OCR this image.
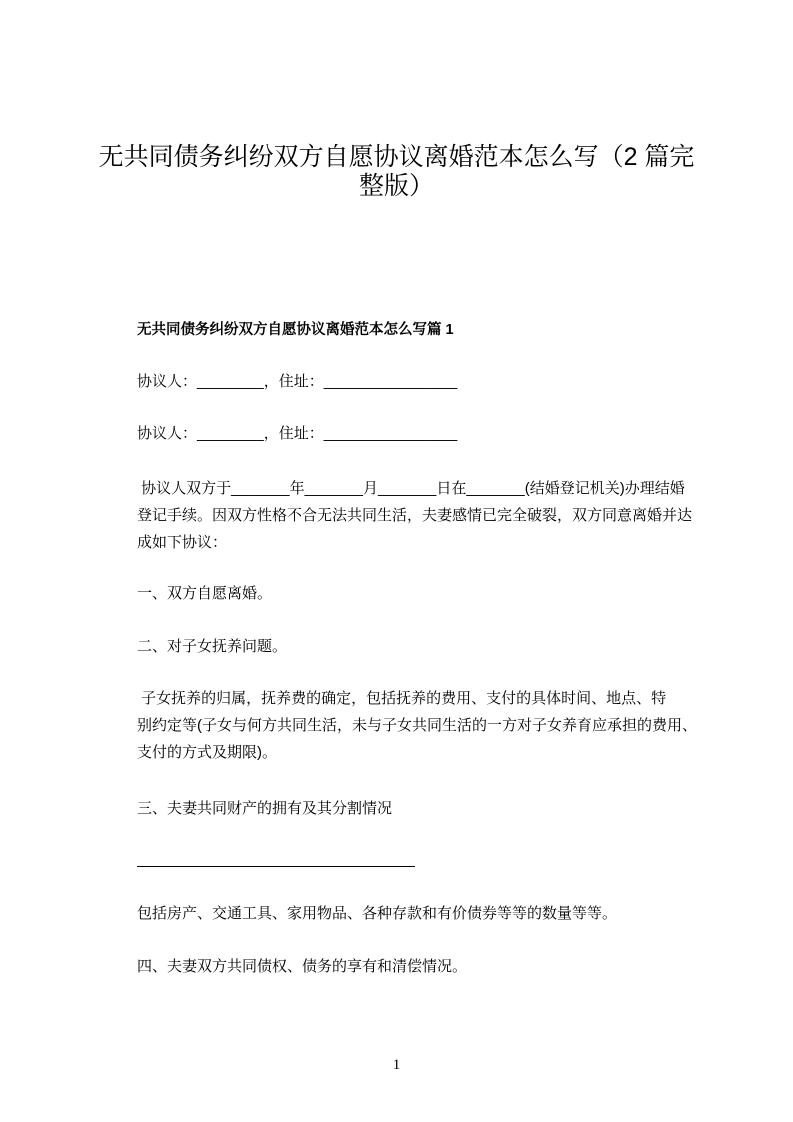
无共同债务纠纷双方自愿协议离婚范本怎么写（2 篇完
整版）
无共同债务纠纷双方自愿协议离婚范本怎么写篇 1
协议人：________，住址：________________
协议人：________，住址：________________
协议人双方于_______年_______月_______日在_______(结婚登记机关)办理结婚
登记手续。因双方性格不合无法共同生活，夫妻感情已完全破裂，双方同意离婚并达
成如下协议：
一、双方自愿离婚。
二、对子女抚养问题。
子女抚养的归属，抚养费的确定，包括抚养的费用、支付的具体时间、地点、特
别约定等(子女与何方共同生活，未与子女共同生活的一方对子女养育应承担的费用、
支付的方式及期限)。
三、夫妻共同财产的拥有及其分割情况
包括房产、交通工具、家用物品、各种存款和有价债券等等的数量等等。
四、夫妻双方共同债权、债务的享有和清偿情况。
1
